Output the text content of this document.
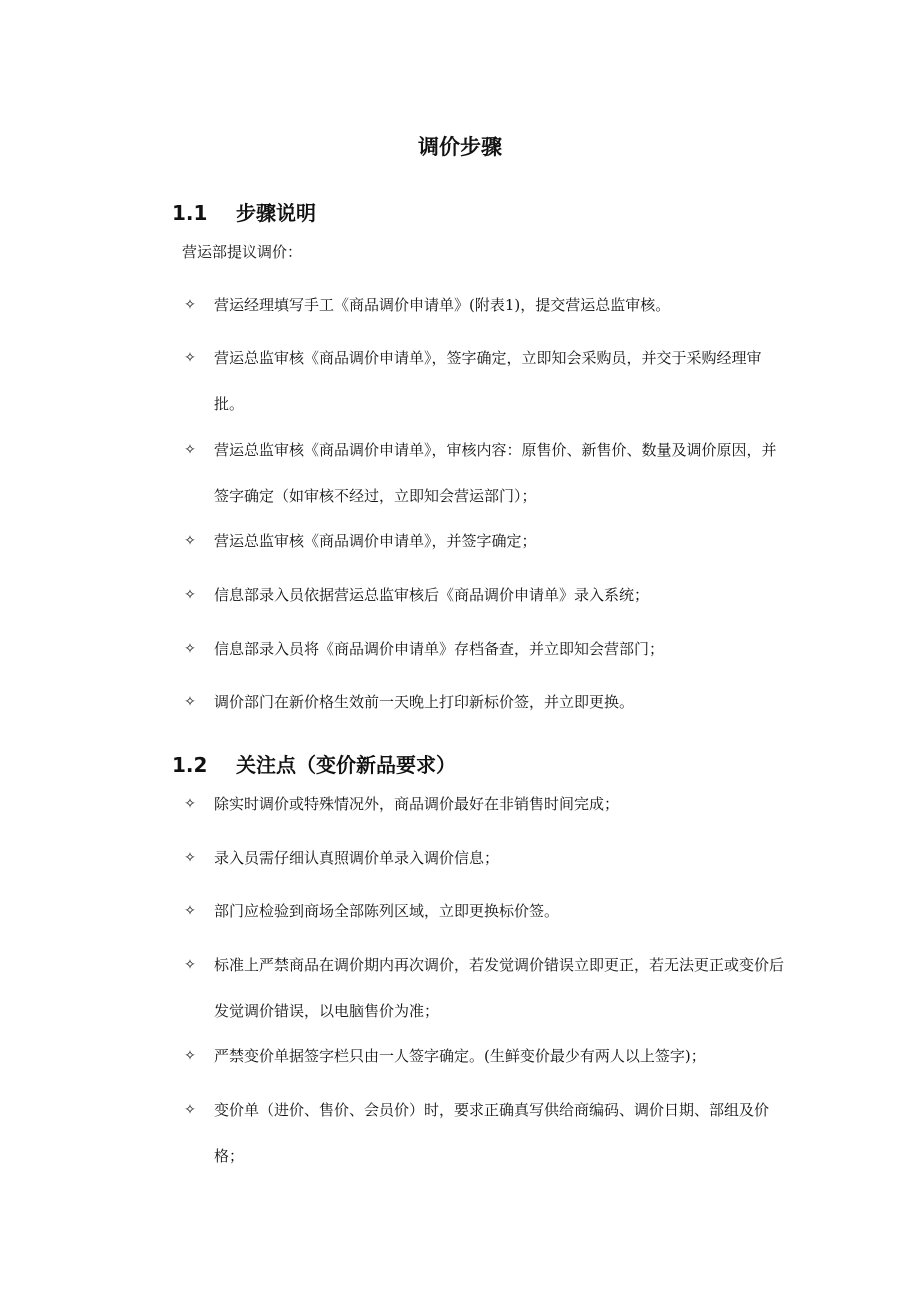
调价步骤
1.1 步骤说明
营运部提议调价：
✧ 营运经理填写手工《商品调价申请单》(附表1)，提交营运总监审核。
✧ 营运总监审核《商品调价申请单》，签字确定，立即知会采购员，并交于采购经理审批。
✧ 营运总监审核《商品调价申请单》，审核内容：原售价、新售价、数量及调价原因，并签字确定（如审核不经过，立即知会营运部门）；
✧ 营运总监审核《商品调价申请单》，并签字确定；
✧ 信息部录入员依据营运总监审核后《商品调价申请单》录入系统；
✧ 信息部录入员将《商品调价申请单》存档备查，并立即知会营部门；
✧ 调价部门在新价格生效前一天晚上打印新标价签，并立即更换。
1.2 关注点（变价新品要求）
✧ 除实时调价或特殊情况外，商品调价最好在非销售时间完成；
✧ 录入员需仔细认真照调价单录入调价信息；
✧ 部门应检验到商场全部陈列区域，立即更换标价签。
✧ 标准上严禁商品在调价期内再次调价，若发觉调价错误立即更正，若无法更正或变价后发觉调价错误，以电脑售价为准；
✧ 严禁变价单据签字栏只由一人签字确定。(生鲜变价最少有两人以上签字)；
✧ 变价单（进价、售价、会员价）时，要求正确真写供给商编码、调价日期、部组及价格；
